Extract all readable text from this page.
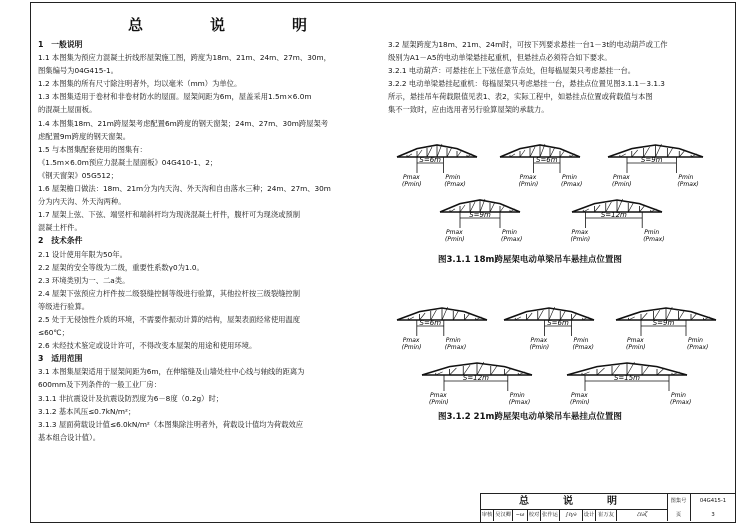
总　说　明

1　一般说明

1.1 本图集为预应力混凝土折线形屋架施工图，跨度为18m、21m、24m、27m、30m，

图集编号为04G415-1。

1.2 本图集的所有尺寸除注明者外，均以毫米（mm）为单位。

1.3 本图集适用于卷材和非卷材防水的屋面。屋架间距为6m，屋盖采用1.5m×6.0m

的混凝土屋面板。

1.4 本图集18m、21m跨屋架考虑配置6m跨度的钢天窗架；24m、27m、30m跨屋架考

虑配置9m跨度的钢天窗架。

1.5 与本图集配套使用的图集有：

《1.5m×6.0m预应力混凝土屋面板》04G410-1、2；

《钢天窗架》05G512；

1.6 屋架檐口做法：18m、21m分为内天沟、外天沟和自由落水三种；24m、27m、30m

分为内天沟、外天沟两种。

1.7 屋架上弦、下弦、端竖杆和端斜杆均为现浇混凝土杆件，腹杆可为现浇或预制

混凝土杆件。

2　技术条件

2.1 设计使用年限为50年。

2.2 屋架的安全等级为二级，重要性系数γ0为1.0。

2.3 环境类别为一、二a类。

2.4 屋架下弦预应力杆件按二级裂缝控制等级进行验算，其他拉杆按三级裂缝控制

等级进行验算。

2.5 处于无侵蚀性介质的环境，不需要作振动计算的结构，屋架表面经常使用温度

≤60℃；

2.6 未经技术鉴定或设计许可，不得改变本屋架的用途和使用环境。

3　适用范围

3.1 本图集屋架适用于屋架间距为6m，在伸缩缝及山墙处柱中心线与轴线的距离为

600mm及下列条件的一般工业厂房：

3.1.1 非抗震设计及抗震设防烈度为6－8度（0.2g）时；

3.1.2 基本风压≤0.7kN/m²；

3.1.3 屋面荷载设计值≤6.0kN/m²（本图集除注明者外，荷载设计值均为荷载效应

基本组合设计值）。

3.2 屋架跨度为18m、21m、24m时，可按下列要求悬挂一台1－3t的电动葫芦或工作

级别为A1－A5的电动单梁悬挂起重机，但悬挂点必须符合如下要求。

3.2.1 电动葫芦：可悬挂在上下弦任意节点处，但每榀屋架只考虑悬挂一台。

3.2.2 电动单梁悬挂起重机：每榀屋架只考虑悬挂一台，悬挂点位置见图3.1.1－3.1.3

所示，悬挂吊车荷载限值见表1、表2，实际工程中，如悬挂点位置或荷载值与本图

集不一致时，应由选用者另行验算屋架的承载力。

S=6m
Pmax
(Pmin)
Pmin
(Pmax)
S=6m
Pmax
(Pmin)
Pmin
(Pmax)
S=9m
Pmax
(Pmin)
Pmin
(Pmax)
S=9m
Pmax
(Pmin)
Pmin
(Pmax)
S=12m
Pmax
(Pmin)
Pmin
(Pmax)
图3.1.1 18m跨屋架电动单梁吊车悬挂点位置图
S=6m
Pmax
(Pmin)
Pmin
(Pmax)
S=6m
Pmax
(Pmin)
Pmin
(Pmax)
S=9m
Pmax
(Pmin)
Pmin
(Pmax)
S=12m
Pmax
(Pmin)
Pmin
(Pmax)
S=15m
Pmax
(Pmin)
Pmin
(Pmax)
图3.1.2 21m跨屋架电动单梁吊车悬挂点位置图
总　说　明	图集号	04G415-1
审核 吴汉卿 ∽ω 校对 张作运	∫ℓγ∂	设计 崔万友	ℰℓ∂ζ	页	3
